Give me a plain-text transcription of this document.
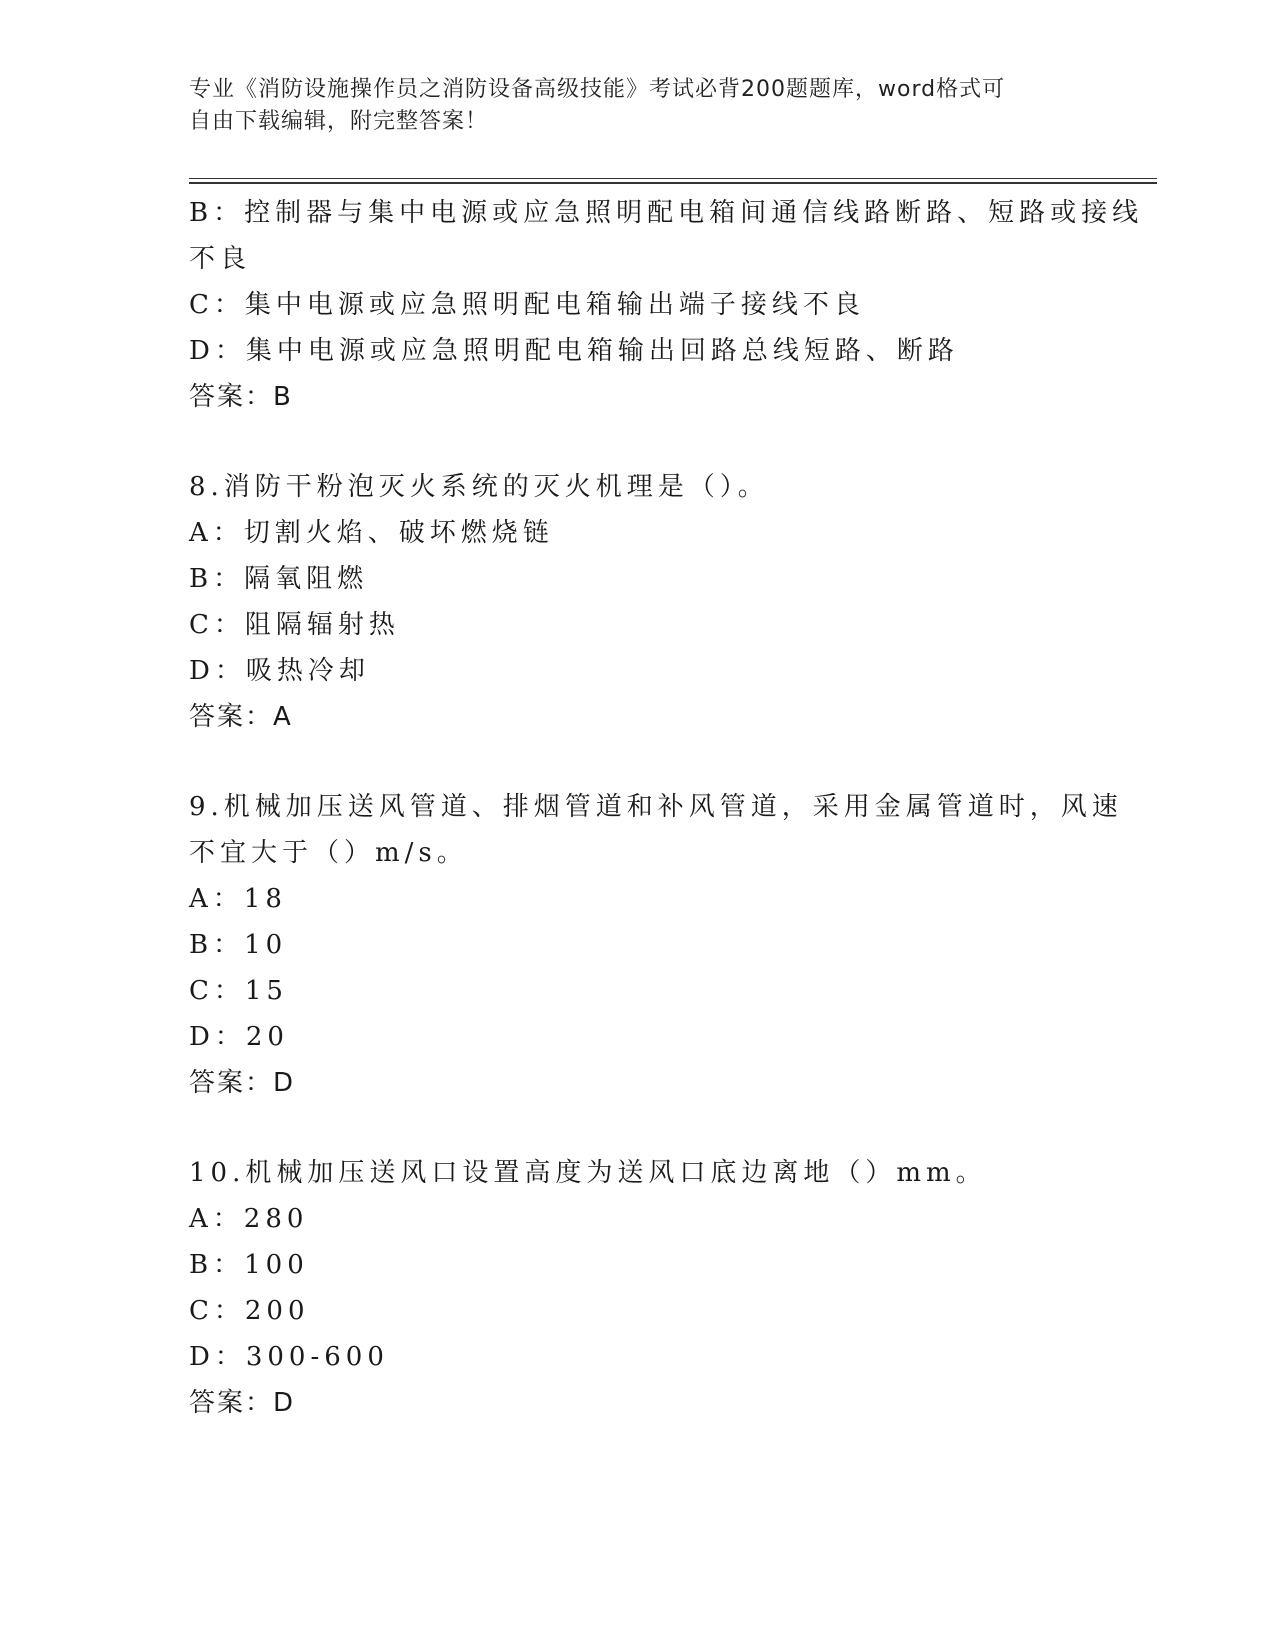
专业《消防设施操作员之消防设备高级技能》考试必背200题题库，word格式可
自由下载编辑，附完整答案！
B：控制器与集中电源或应急照明配电箱间通信线路断路、短路或接线
不良
C：集中电源或应急照明配电箱输出端子接线不良
D：集中电源或应急照明配电箱输出回路总线短路、断路
答案：B
8.消防干粉泡灭火系统的灭火机理是（）。
A：切割火焰、破坏燃烧链
B：隔氧阻燃
C：阻隔辐射热
D：吸热冷却
答案：A
9.机械加压送风管道、排烟管道和补风管道，采用金属管道时，风速
不宜大于（）m/s。
A：18
B：10
C：15
D：20
答案：D
10.机械加压送风口设置高度为送风口底边离地（）mm。
A：280
B：100
C：200
D：300-600
答案：D
